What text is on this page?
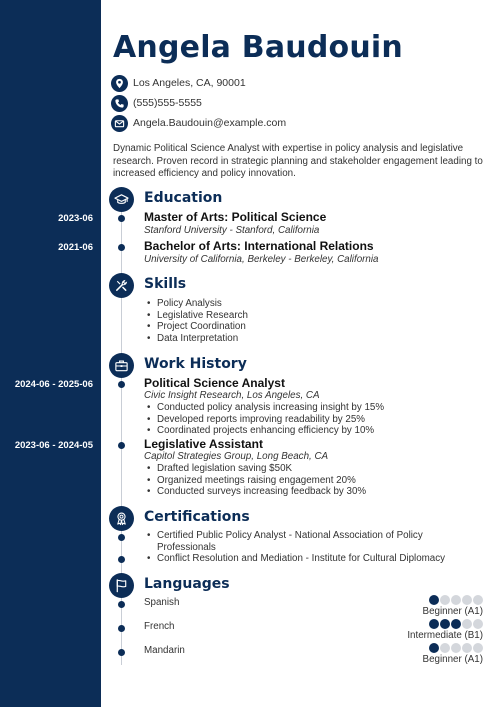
Angela Baudouin
Los Angeles, CA, 90001
(555)555-5555
Angela.Baudouin@example.com

Dynamic Political Science Analyst with expertise in policy analysis and legislative research. Proven record in strategic planning and stakeholder engagement leading to increased efficiency and policy innovation.

Education
2023-06	Master of Arts: Political Science
Stanford University - Stanford, California
2021-06	Bachelor of Arts: International Relations
University of California, Berkeley - Berkeley, California
Skills
• Policy Analysis
• Legislative Research
• Project Coordination
• Data Interpretation
Work History
2024-06 - 2025-06	Political Science Analyst
Civic Insight Research, Los Angeles, CA
• Conducted policy analysis increasing insight by 15%
• Developed reports improving readability by 25%
• Coordinated projects enhancing efficiency by 10%
2023-06 - 2024-05	Legislative Assistant
Capitol Strategies Group, Long Beach, CA
• Drafted legislation saving $50K
• Organized meetings raising engagement 20%
• Conducted surveys increasing feedback by 30%
Certifications
• Certified Public Policy Analyst - National Association of Policy Professionals
• Conflict Resolution and Mediation - Institute for Cultural Diplomacy
Languages
Spanish
Beginner (A1)
French
Intermediate (B1)
Mandarin
Beginner (A1)
